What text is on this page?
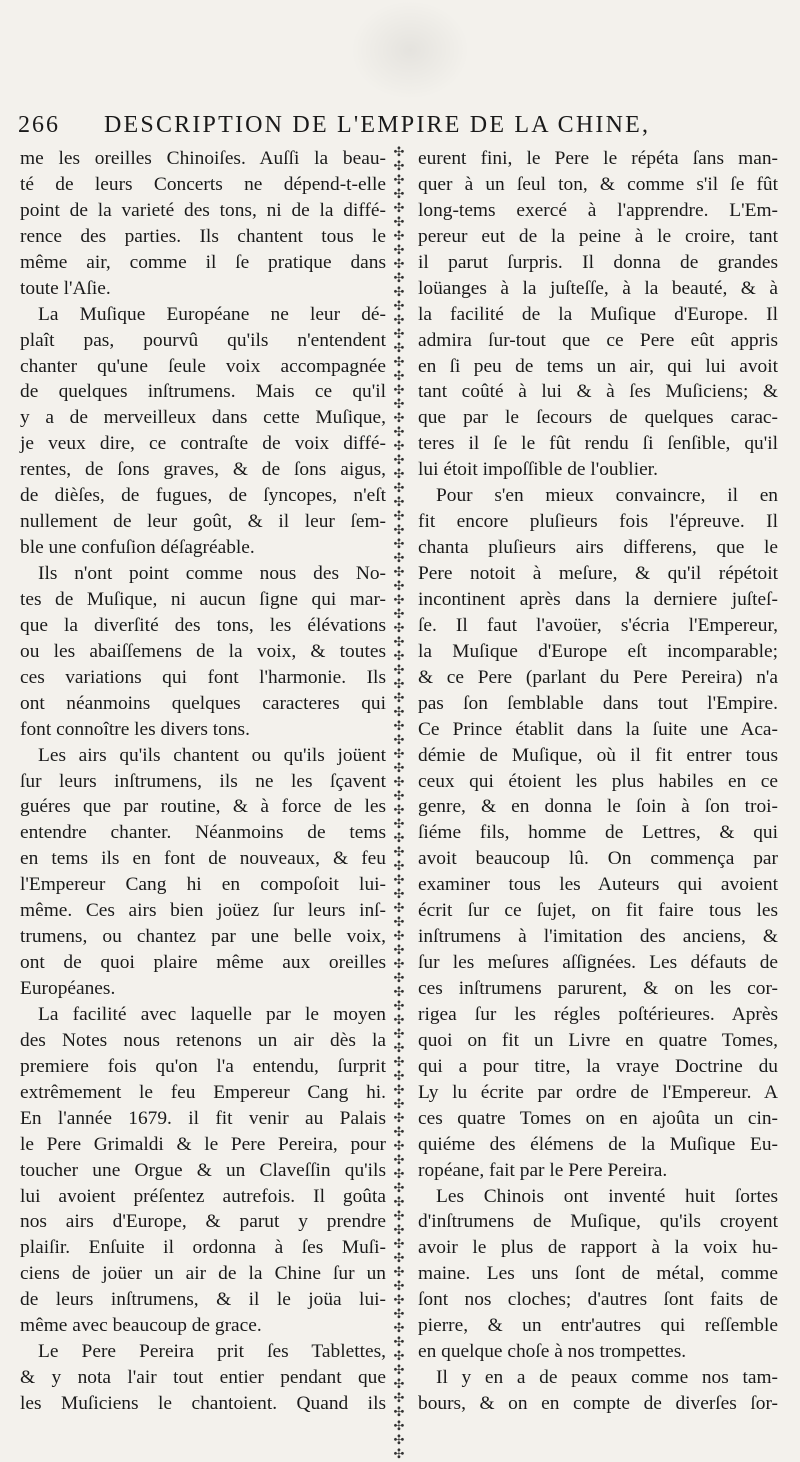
266 DESCRIPTION DE L'EMPIRE DE LA CHINE,
me les oreilles Chinoiſes. Auſſi la beau-
té de leurs Concerts ne dépend-t-elle
point de la varieté des tons, ni de la diffé-
rence des parties. Ils chantent tous le
même air, comme il ſe pratique dans
toute l'Aſie.
La Muſique Européane ne leur dé-
plaît pas, pourvû qu'ils n'entendent
chanter qu'une ſeule voix accompagnée
de quelques inſtrumens. Mais ce qu'il
y a de merveilleux dans cette Muſique,
je veux dire, ce contraſte de voix diffé-
rentes, de ſons graves, & de ſons aigus,
de dièſes, de fugues, de ſyncopes, n'eſt
nullement de leur goût, & il leur ſem-
ble une confuſion déſagréable.
Ils n'ont point comme nous des No-
tes de Muſique, ni aucun ſigne qui mar-
que la diverſité des tons, les élévations
ou les abaiſſemens de la voix, & toutes
ces variations qui font l'harmonie. Ils
ont néanmoins quelques caracteres qui
font connoître les divers tons.
Les airs qu'ils chantent ou qu'ils joüent
ſur leurs inſtrumens, ils ne les ſçavent
guéres que par routine, & à force de les
entendre chanter. Néanmoins de tems
en tems ils en font de nouveaux, & feu
l'Empereur Cang hi en compoſoit lui-
même. Ces airs bien joüez ſur leurs inſ-
trumens, ou chantez par une belle voix,
ont de quoi plaire même aux oreilles
Européanes.
La facilité avec laquelle par le moyen
des Notes nous retenons un air dès la
premiere fois qu'on l'a entendu, ſurprit
extrêmement le feu Empereur Cang hi.
En l'année 1679. il fit venir au Palais
le Pere Grimaldi & le Pere Pereira, pour
toucher une Orgue & un Claveſſin qu'ils
lui avoient préſentez autrefois. Il goûta
nos airs d'Europe, & parut y prendre
plaiſir. Enſuite il ordonna à ſes Muſi-
ciens de joüer un air de la Chine ſur un
de leurs inſtrumens, & il le joüa lui-
même avec beaucoup de grace.
Le Pere Pereira prit ſes Tablettes,
& y nota l'air tout entier pendant que
les Muſiciens le chantoient. Quand ils
✣✣✣✣✣✣✣✣✣✣✣✣✣✣✣✣✣✣✣✣✣✣✣✣✣✣✣✣✣✣✣✣✣✣✣✣✣✣✣✣✣✣✣✣✣✣✣✣✣✣✣✣✣✣✣✣✣✣✣✣✣✣✣✣✣✣✣✣✣✣✣✣✣✣✣✣✣✣✣✣✣✣✣✣✣✣✣✣✣✣✣✣✣✣
eurent fini, le Pere le répéta ſans man-
quer à un ſeul ton, & comme s'il ſe fût
long-tems exercé à l'apprendre. L'Em-
pereur eut de la peine à le croire, tant
il parut ſurpris. Il donna de grandes
loüanges à la juſteſſe, à la beauté, & à
la facilité de la Muſique d'Europe. Il
admira ſur-tout que ce Pere eût appris
en ſi peu de tems un air, qui lui avoit
tant coûté à lui & à ſes Muſiciens; &
que par le ſecours de quelques carac-
teres il ſe le fût rendu ſi ſenſible, qu'il
lui étoit impoſſible de l'oublier.
Pour s'en mieux convaincre, il en
fit encore pluſieurs fois l'épreuve. Il
chanta pluſieurs airs differens, que le
Pere notoit à meſure, & qu'il répétoit
incontinent après dans la derniere juſteſ-
ſe. Il faut l'avoüer, s'écria l'Empereur,
la Muſique d'Europe eſt incomparable;
& ce Pere (parlant du Pere Pereira) n'a
pas ſon ſemblable dans tout l'Empire.
Ce Prince établit dans la ſuite une Aca-
démie de Muſique, où il fit entrer tous
ceux qui étoient les plus habiles en ce
genre, & en donna le ſoin à ſon troi-
ſiéme fils, homme de Lettres, & qui
avoit beaucoup lû. On commença par
examiner tous les Auteurs qui avoient
écrit ſur ce ſujet, on fit faire tous les
inſtrumens à l'imitation des anciens, &
ſur les meſures aſſignées. Les défauts de
ces inſtrumens parurent, & on les cor-
rigea ſur les régles poſtérieures. Après
quoi on fit un Livre en quatre Tomes,
qui a pour titre, la vraye Doctrine du
Ly lu écrite par ordre de l'Empereur. A
ces quatre Tomes on en ajoûta un cin-
quiéme des élémens de la Muſique Eu-
ropéane, fait par le Pere Pereira.
Les Chinois ont inventé huit ſortes
d'inſtrumens de Muſique, qu'ils croyent
avoir le plus de rapport à la voix hu-
maine. Les uns ſont de métal, comme
ſont nos cloches; d'autres ſont faits de
pierre, & un entr'autres qui reſſemble
en quelque choſe à nos trompettes.
Il y en a de peaux comme nos tam-
bours, & on en compte de diverſes ſor-
